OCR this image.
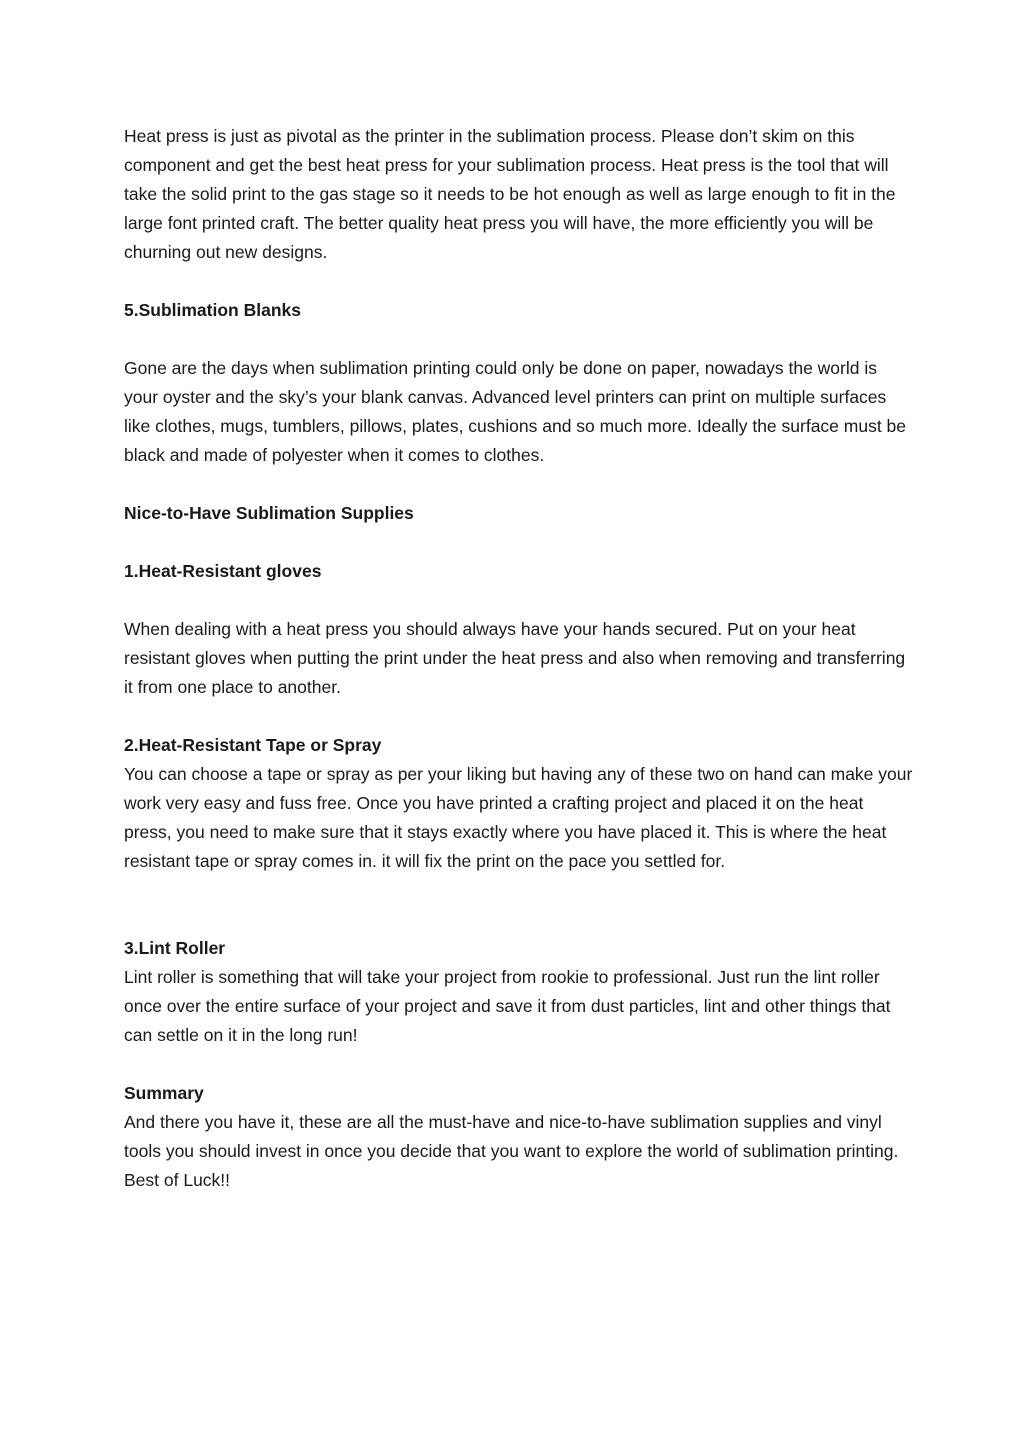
Heat press is just as pivotal as the printer in the sublimation process. Please don’t skim on this component and get the best heat press for your sublimation process. Heat press is the tool that will take the solid print to the gas stage so it needs to be hot enough as well as large enough to fit in the large font printed craft. The better quality heat press you will have, the more efficiently you will be churning out new designs.

5.Sublimation Blanks

Gone are the days when sublimation printing could only be done on paper, nowadays the world is your oyster and the sky’s your blank canvas. Advanced level printers can print on multiple surfaces like clothes, mugs, tumblers, pillows, plates, cushions and so much more. Ideally the surface must be black and made of polyester when it comes to clothes.

Nice-to-Have Sublimation Supplies

1.Heat-Resistant gloves

When dealing with a heat press you should always have your hands secured. Put on your heat resistant gloves when putting the print under the heat press and also when removing and transferring it from one place to another.

2.Heat-Resistant Tape or Spray

You can choose a tape or spray as per your liking but having any of these two on hand can make your work very easy and fuss free. Once you have printed a crafting project and placed it on the heat press, you need to make sure that it stays exactly where you have placed it. This is where the heat resistant tape or spray comes in. it will fix the print on the pace you settled for.

3.Lint Roller

Lint roller is something that will take your project from rookie to professional. Just run the lint roller once over the entire surface of your project and save it from dust particles, lint and other things that can settle on it in the long run!

Summary

And there you have it, these are all the must-have and nice-to-have sublimation supplies and vinyl tools you should invest in once you decide that you want to explore the world of sublimation printing. Best of Luck!!
